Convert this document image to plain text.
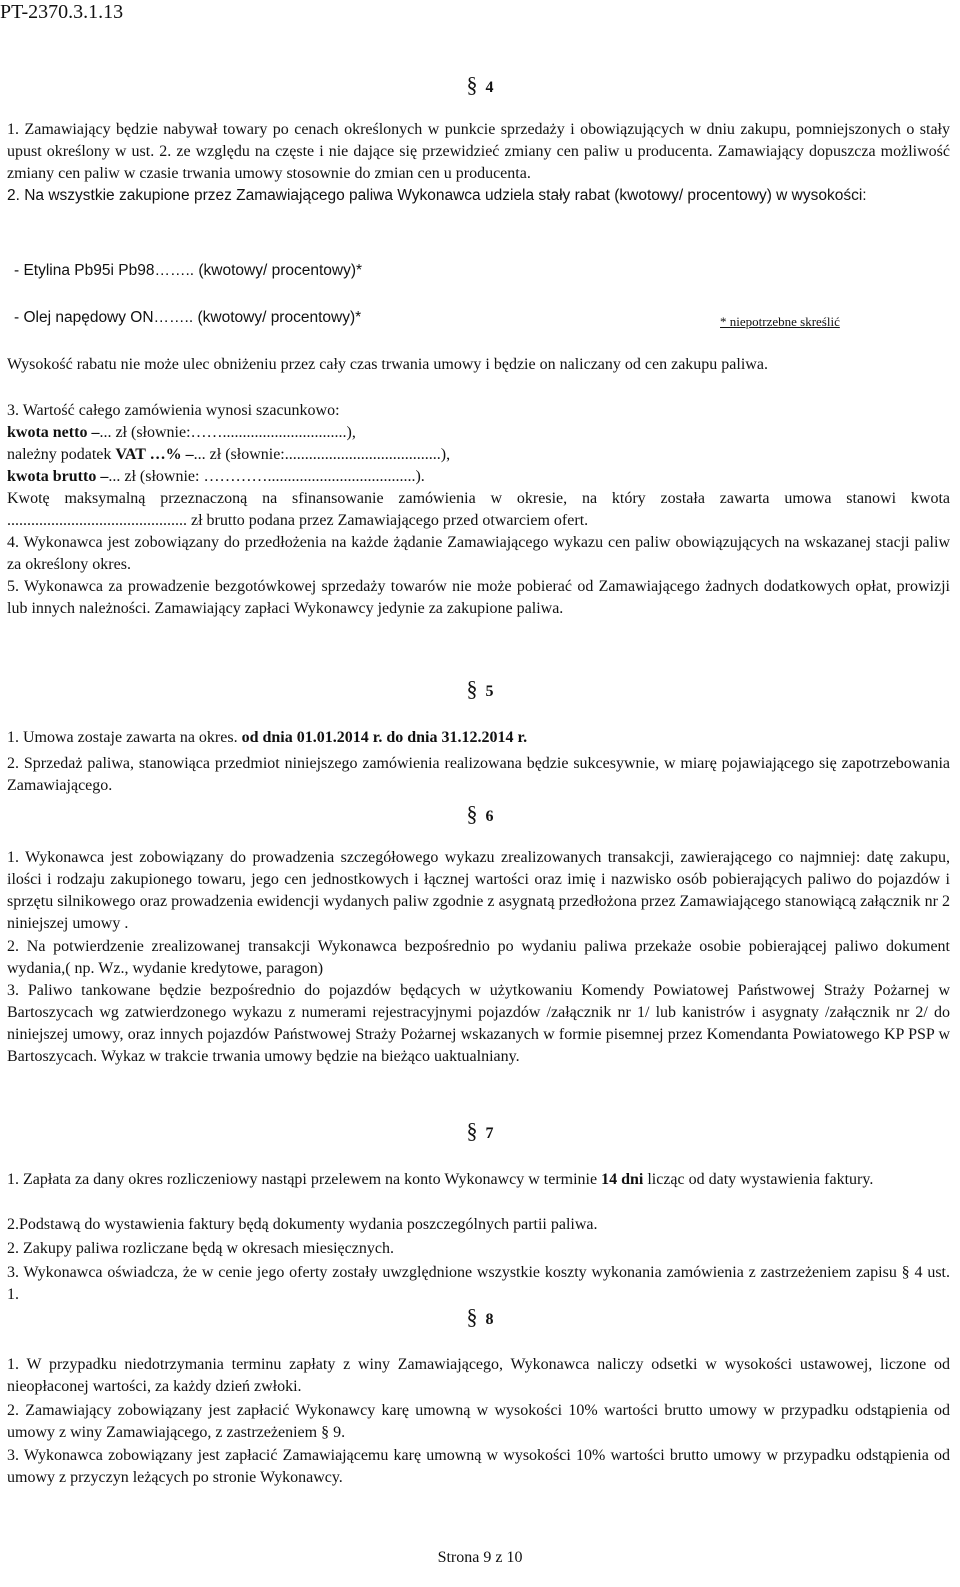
PT-2370.3.1.13
§ 4
1. Zamawiający będzie nabywał towary po cenach określonych w punkcie sprzedaży i obowiązujących w dniu zakupu, pomniejszonych o stały upust określony w ust. 2. ze względu na częste i nie dające się przewidzieć zmiany cen paliw u producenta. Zamawiający dopuszcza możliwość zmiany cen paliw w czasie trwania umowy stosownie do zmian cen u producenta.
2. Na wszystkie zakupione przez Zamawiającego paliwa Wykonawca udziela stały rabat (kwotowy/ procentowy) w wysokości:
- Etylina Pb95i Pb98…….. (kwotowy/ procentowy)*
- Olej napędowy ON…….. (kwotowy/ procentowy)*	* niepotrzebne skreślić
Wysokość rabatu nie może ulec obniżeniu przez cały czas trwania umowy i będzie on naliczany od cen zakupu paliwa.
3. Wartość całego zamówienia wynosi szacunkowo:
kwota netto –... zł (słownie:……...............................),
należny podatek VAT …% –... zł (słownie:.......................................),
kwota brutto –... zł (słownie: ………….....................................).
Kwotę maksymalną przeznaczoną na sfinansowanie zamówienia w okresie, na który została zawarta umowa stanowi kwota ............................................. zł brutto podana przez Zamawiającego przed otwarciem ofert.
4. Wykonawca jest zobowiązany do przedłożenia na każde żądanie Zamawiającego wykazu cen paliw obowiązujących na wskazanej stacji paliw za określony okres.
5. Wykonawca za prowadzenie bezgotówkowej sprzedaży towarów nie może pobierać od Zamawiającego żadnych dodatkowych opłat, prowizji lub innych należności. Zamawiający zapłaci Wykonawcy jedynie za zakupione paliwa.
§ 5
1. Umowa zostaje zawarta na okres. od dnia 01.01.2014 r. do dnia 31.12.2014 r.
2. Sprzedaż paliwa, stanowiąca przedmiot niniejszego zamówienia realizowana będzie sukcesywnie, w miarę pojawiającego się zapotrzebowania Zamawiającego.
§ 6
1. Wykonawca jest zobowiązany do prowadzenia szczegółowego wykazu zrealizowanych transakcji, zawierającego co najmniej: datę zakupu, ilości i rodzaju zakupionego towaru, jego cen jednostkowych i łącznej wartości oraz imię i nazwisko osób pobierających paliwo do pojazdów i sprzętu silnikowego oraz prowadzenia ewidencji wydanych paliw zgodnie z asygnatą przedłożona przez Zamawiającego stanowiącą załącznik nr 2 niniejszej umowy .
2. Na potwierdzenie zrealizowanej transakcji Wykonawca bezpośrednio po wydaniu paliwa przekaże osobie pobierającej paliwo dokument wydania,( np. Wz., wydanie kredytowe, paragon)
3. Paliwo tankowane będzie bezpośrednio do pojazdów będących w użytkowaniu Komendy Powiatowej Państwowej Straży Pożarnej w Bartoszycach wg zatwierdzonego wykazu z numerami rejestracyjnymi pojazdów /załącznik nr 1/ lub kanistrów i asygnaty /załącznik nr 2/ do niniejszej umowy, oraz innych pojazdów Państwowej Straży Pożarnej wskazanych w formie pisemnej przez Komendanta Powiatowego KP PSP w Bartoszycach. Wykaz w trakcie trwania umowy będzie na bieżąco uaktualniany.
§ 7
1. Zapłata za dany okres rozliczeniowy nastąpi przelewem na konto Wykonawcy w terminie 14 dni licząc od daty wystawienia faktury.
2.Podstawą do wystawienia faktury będą dokumenty wydania poszczególnych partii paliwa.
2. Zakupy paliwa rozliczane będą w okresach miesięcznych.
3. Wykonawca oświadcza, że w cenie jego oferty zostały uwzględnione wszystkie koszty wykonania zamówienia z zastrzeżeniem zapisu § 4 ust. 1.
§ 8
1. W przypadku niedotrzymania terminu zapłaty z winy Zamawiającego, Wykonawca naliczy odsetki w wysokości ustawowej, liczone od nieopłaconej wartości, za każdy dzień zwłoki.
2. Zamawiający zobowiązany jest zapłacić Wykonawcy karę umowną w wysokości 10% wartości brutto umowy w przypadku odstąpienia od umowy z winy Zamawiającego, z zastrzeżeniem § 9.
3. Wykonawca zobowiązany jest zapłacić Zamawiającemu karę umowną w wysokości 10% wartości brutto umowy w przypadku odstąpienia od umowy z przyczyn leżących po stronie Wykonawcy.
Strona 9 z 10
